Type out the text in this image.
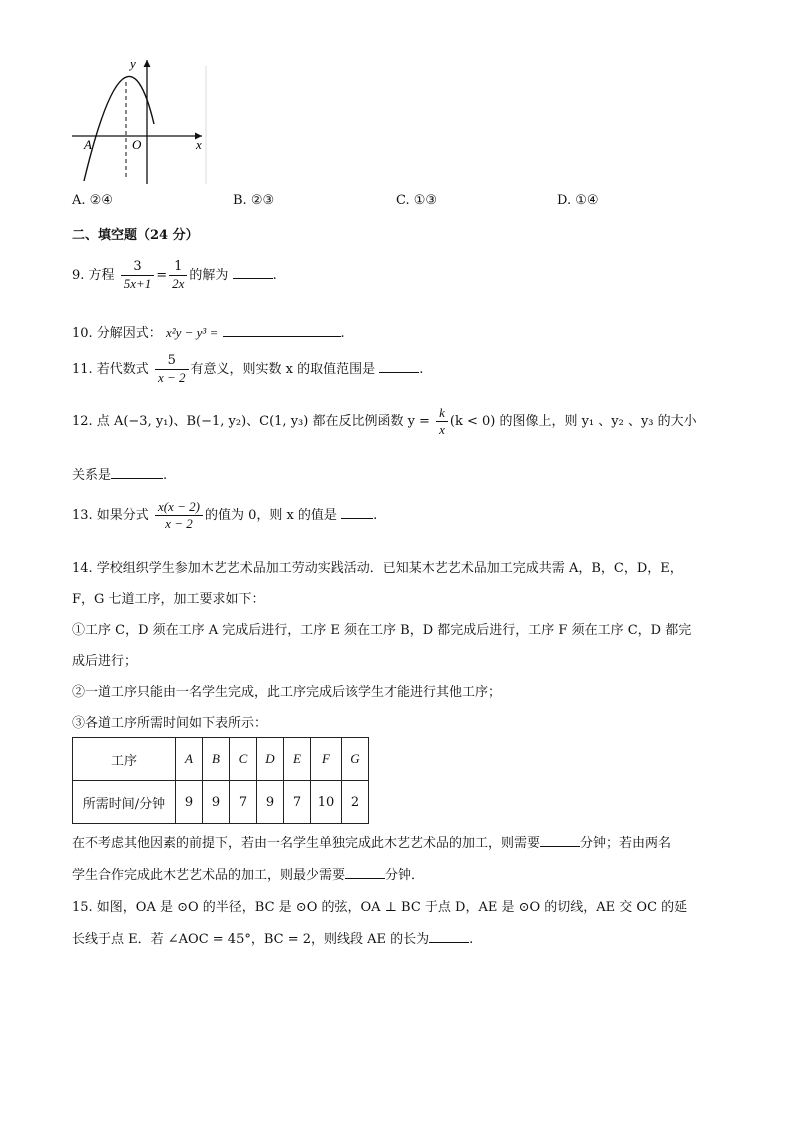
y
x
A	O
A. ②④	B. ②③	C. ①③	D. ①④
二、填空题（24 分）
9. 方程 $\frac{3}{5x+1} = \frac{1}{2x}$ 的解为	.
10. 分解因式： x²y − y³ =	.
11. 若代数式 $\frac{5}{x - 2}$ 有意义，则实数 x 的取值范围是	.
12. 点 A(−3, y₁)、B(−1, y₂)、C(1, y₃) 都在反比例函数 $y = \frac{k}{x} (k < 0)$ 的图像上，则 y₁ 、y₂ 、y₃ 的大小
关系是	.
13. 如果分式 $\frac{x(x - 2)}{x - 2}$ 的值为 0，则 x 的值是	.
14. 学校组织学生参加木艺艺术品加工劳动实践活动．已知某木艺艺术品加工完成共需 A，B，C，D，E，
F，G 七道工序，加工要求如下：
①工序 C，D 须在工序 A 完成后进行，工序 E 须在工序 B，D 都完成后进行，工序 F 须在工序 C，D 都完
成后进行；
②一道工序只能由一名学生完成，此工序完成后该学生才能进行其他工序；
③各道工序所需时间如下表所示：
工序	A	B	C	D	E	F	G
所需时间/分钟	9	9	7	9	7	10	2
在不考虑其他因素的前提下，若由一名学生单独完成此木艺艺术品的加工，则需要	分钟；若由两名
学生合作完成此木艺艺术品的加工，则最少需要	分钟．
15. 如图，OA 是 ⊙O 的半径，BC 是 ⊙O 的弦，OA ⊥ BC 于点 D，AE 是 ⊙O 的切线，AE 交 OC 的延
长线于点 E．若 ∠AOC = 45°，BC = 2，则线段 AE 的长为	.
